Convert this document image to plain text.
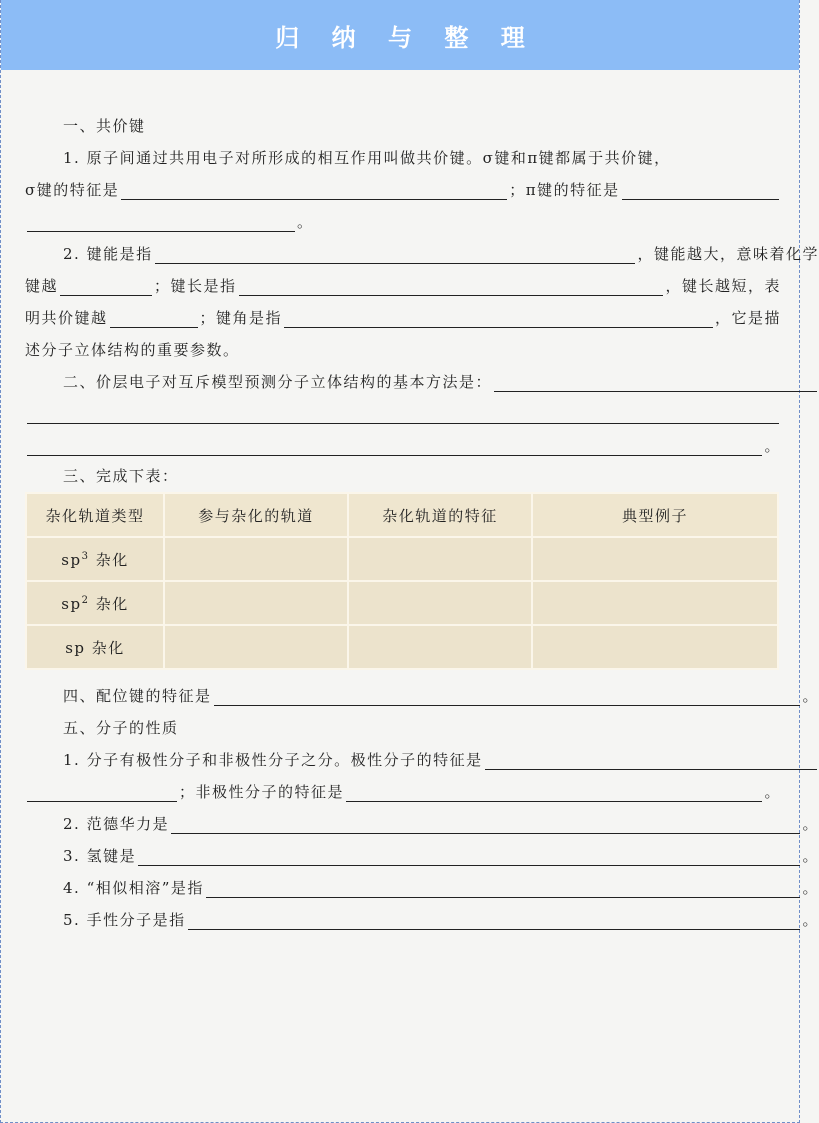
归 纳 与 整 理
一、共价键
1. 原子间通过共用电子对所形成的相互作用叫做共价键。σ键和π键都属于共价键，
σ键的特征是	；π键的特征是
。
2. 键能是指	，键能越大，意味着化学
键越	；键长是指	，键长越短，表
明共价键越	；键角是指	，它是描
述分子立体结构的重要参数。
二、价层电子对互斥模型预测分子立体结构的基本方法是：
。
三、完成下表：
杂化轨道类型	参与杂化的轨道	杂化轨道的特征	典型例子
$sp^3$ 杂化			
$sp^2$ 杂化			
sp 杂化			
四、配位键的特征是	。
五、分子的性质
1. 分子有极性分子和非极性分子之分。极性分子的特征是
；非极性分子的特征是	。
2. 范德华力是	。
3. 氢键是	。
4. “相似相溶”是指	。
5. 手性分子是指	。
